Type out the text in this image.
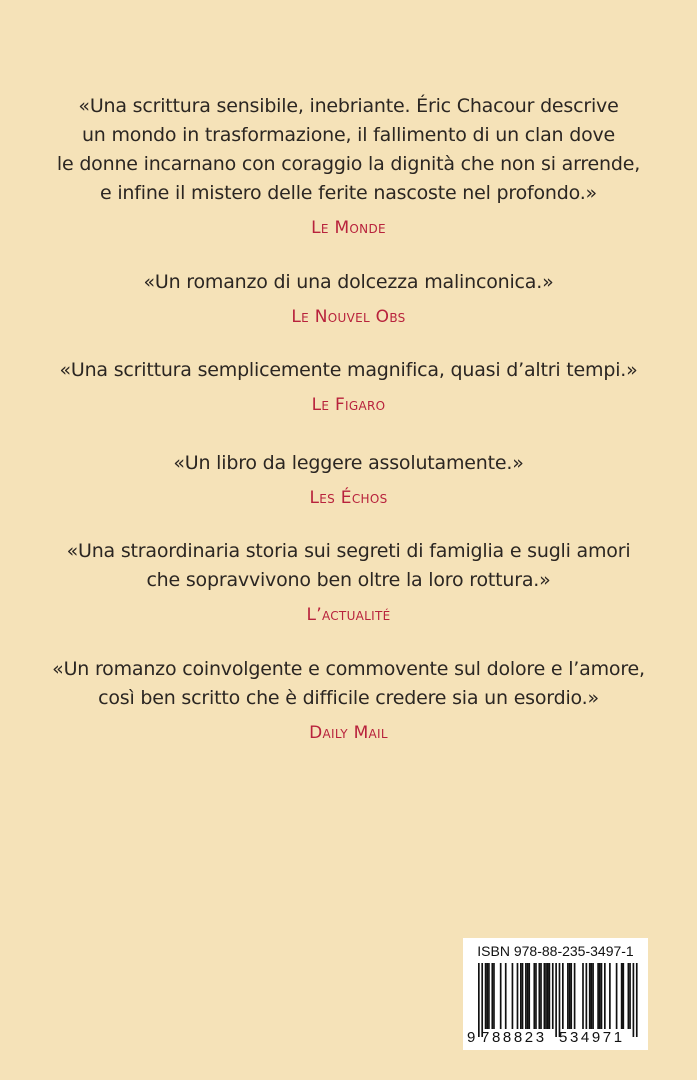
«Una scrittura sensibile, inebriante. Éric Chacour descrive
un mondo in trasformazione, il fallimento di un clan dove
le donne incarnano con coraggio la dignità che non si arrende,
e infine il mistero delle ferite nascoste nel profondo.»
Le Monde
«Un romanzo di una dolcezza malinconica.»
Le Nouvel Obs
«Una scrittura semplicemente magnifica, quasi d’altri tempi.»
Le Figaro
«Un libro da leggere assolutamente.»
Les Échos
«Una straordinaria storia sui segreti di famiglia e sugli amori
che sopravvivono ben oltre la loro rottura.»
L’actualité
«Un romanzo coinvolgente e commovente sul dolore e l’amore,
così ben scritto che è difficile credere sia un esordio.»
Daily Mail
ISBN 978-88-235-3497-1
9 788823 534971
